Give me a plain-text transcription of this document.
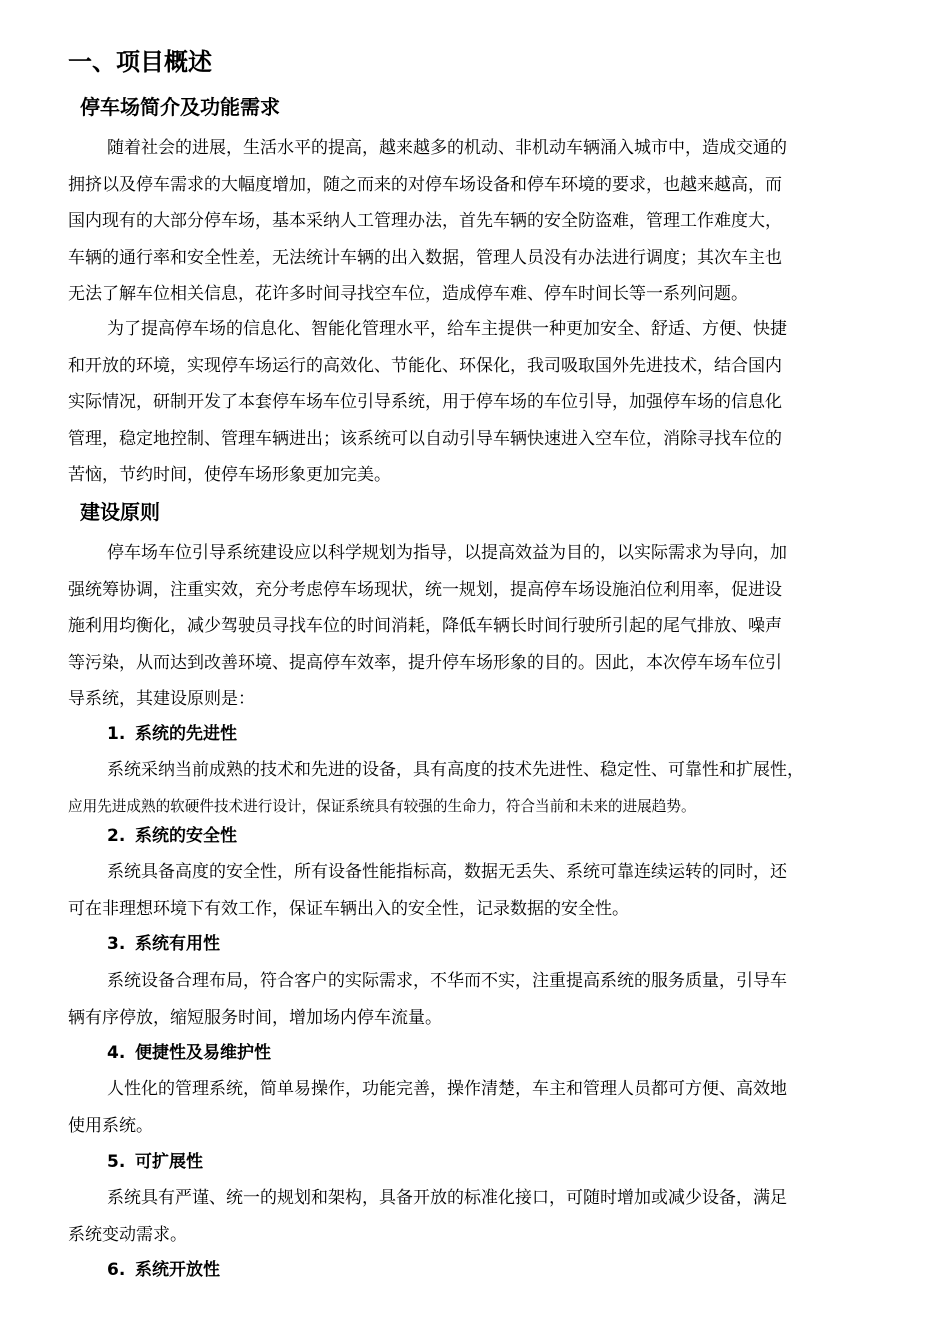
一、项目概述
停车场简介及功能需求
随着社会的进展，生活水平的提高，越来越多的机动、非机动车辆涌入城市中，造成交通的
拥挤以及停车需求的大幅度增加，随之而来的对停车场设备和停车环境的要求，也越来越高，而
国内现有的大部分停车场，基本采纳人工管理办法，首先车辆的安全防盗难，管理工作难度大，
车辆的通行率和安全性差，无法统计车辆的出入数据，管理人员没有办法进行调度；其次车主也
无法了解车位相关信息，花许多时间寻找空车位，造成停车难、停车时间长等一系列问题。
为了提高停车场的信息化、智能化管理水平，给车主提供一种更加安全、舒适、方便、快捷
和开放的环境，实现停车场运行的高效化、节能化、环保化，我司吸取国外先进技术，结合国内
实际情况，研制开发了本套停车场车位引导系统，用于停车场的车位引导，加强停车场的信息化
管理，稳定地控制、管理车辆进出；该系统可以自动引导车辆快速进入空车位，消除寻找车位的
苦恼，节约时间，使停车场形象更加完美。
建设原则
停车场车位引导系统建设应以科学规划为指导，以提高效益为目的，以实际需求为导向，加
强统筹协调，注重实效，充分考虑停车场现状，统一规划，提高停车场设施泊位利用率，促进设
施利用均衡化，减少驾驶员寻找车位的时间消耗，降低车辆长时间行驶所引起的尾气排放、噪声
等污染，从而达到改善环境、提高停车效率，提升停车场形象的目的。因此，本次停车场车位引
导系统，其建设原则是：
1. 系统的先进性
系统采纳当前成熟的技术和先进的设备，具有高度的技术先进性、稳定性、可靠性和扩展性，
应用先进成熟的软硬件技术进行设计，保证系统具有较强的生命力，符合当前和未来的进展趋势。
2. 系统的安全性
系统具备高度的安全性，所有设备性能指标高，数据无丢失、系统可靠连续运转的同时，还
可在非理想环境下有效工作，保证车辆出入的安全性，记录数据的安全性。
3. 系统有用性
系统设备合理布局，符合客户的实际需求，不华而不实，注重提高系统的服务质量，引导车
辆有序停放，缩短服务时间，增加场内停车流量。
4. 便捷性及易维护性
人性化的管理系统，简单易操作，功能完善，操作清楚，车主和管理人员都可方便、高效地
使用系统。
5. 可扩展性
系统具有严谨、统一的规划和架构，具备开放的标准化接口，可随时增加或减少设备，满足
系统变动需求。
6. 系统开放性
